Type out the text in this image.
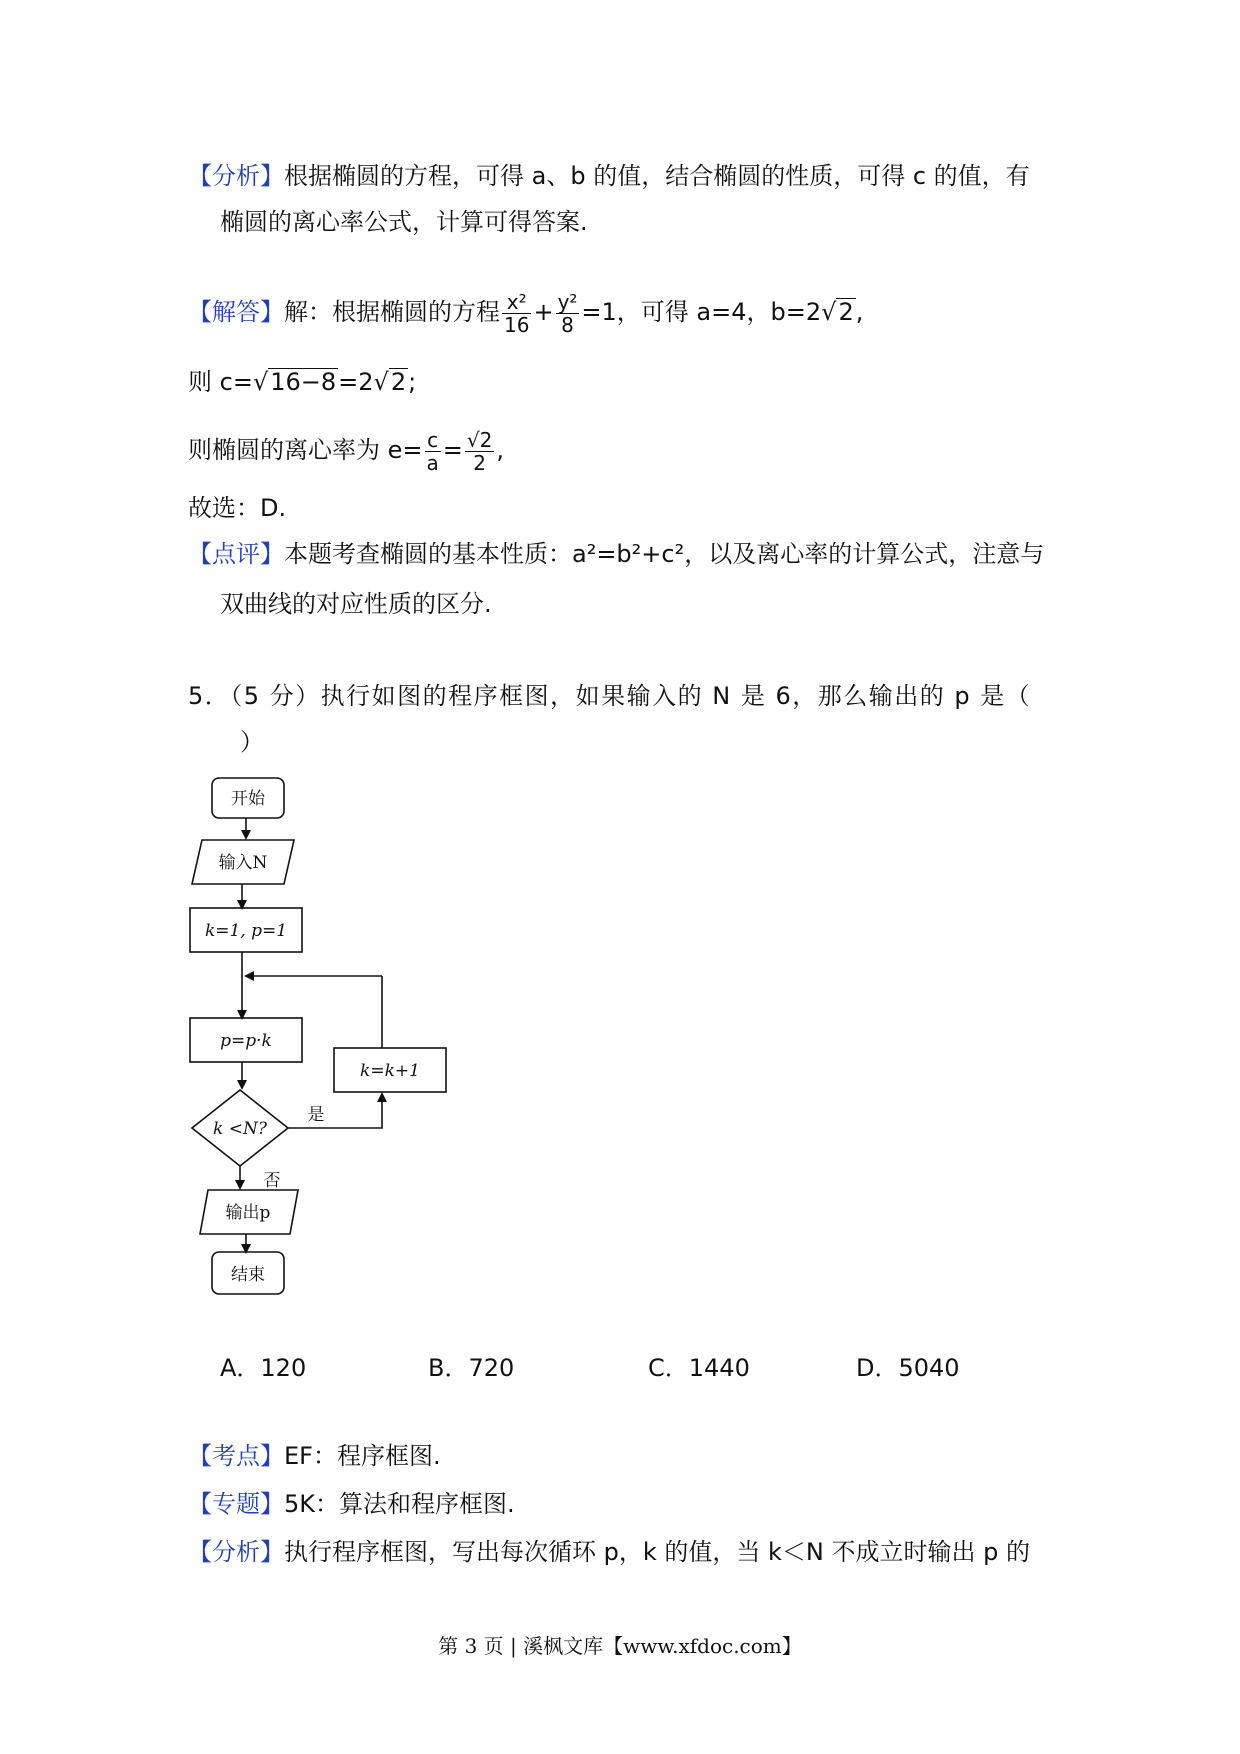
【分析】根据椭圆的方程，可得 a、b 的值，结合椭圆的性质，可得 c 的值，有
椭圆的离心率公式，计算可得答案.
【解答】解：根据椭圆的方程 $\frac{\text{x²}}{16} + \frac{\text{y²}}{8} =1$，可得 a=4，b=2√2,
则 c=√16−8=2√2;
则椭圆的离心率为 $e= \frac{c}{a} = \frac{√2}{2}$ ,
故选：D.
【点评】本题考查椭圆的基本性质：a²=b²+c²，以及离心率的计算公式，注意与
双曲线的对应性质的区分.
5．（5 分）执行如图的程序框图，如果输入的 N 是 6，那么输出的 p 是（
）
开始
输入N
k=1, p=1
p=p·k
k=k+1
k <N?
是
否
输出p
结束
A．120	B．720	C．1440	D．5040
【考点】EF：程序框图.
【专题】5K：算法和程序框图.
【分析】执行程序框图，写出每次循环 p，k 的值，当 k＜N 不成立时输出 p 的
第 3 页 | 溪枫文库【www.xfdoc.com】
